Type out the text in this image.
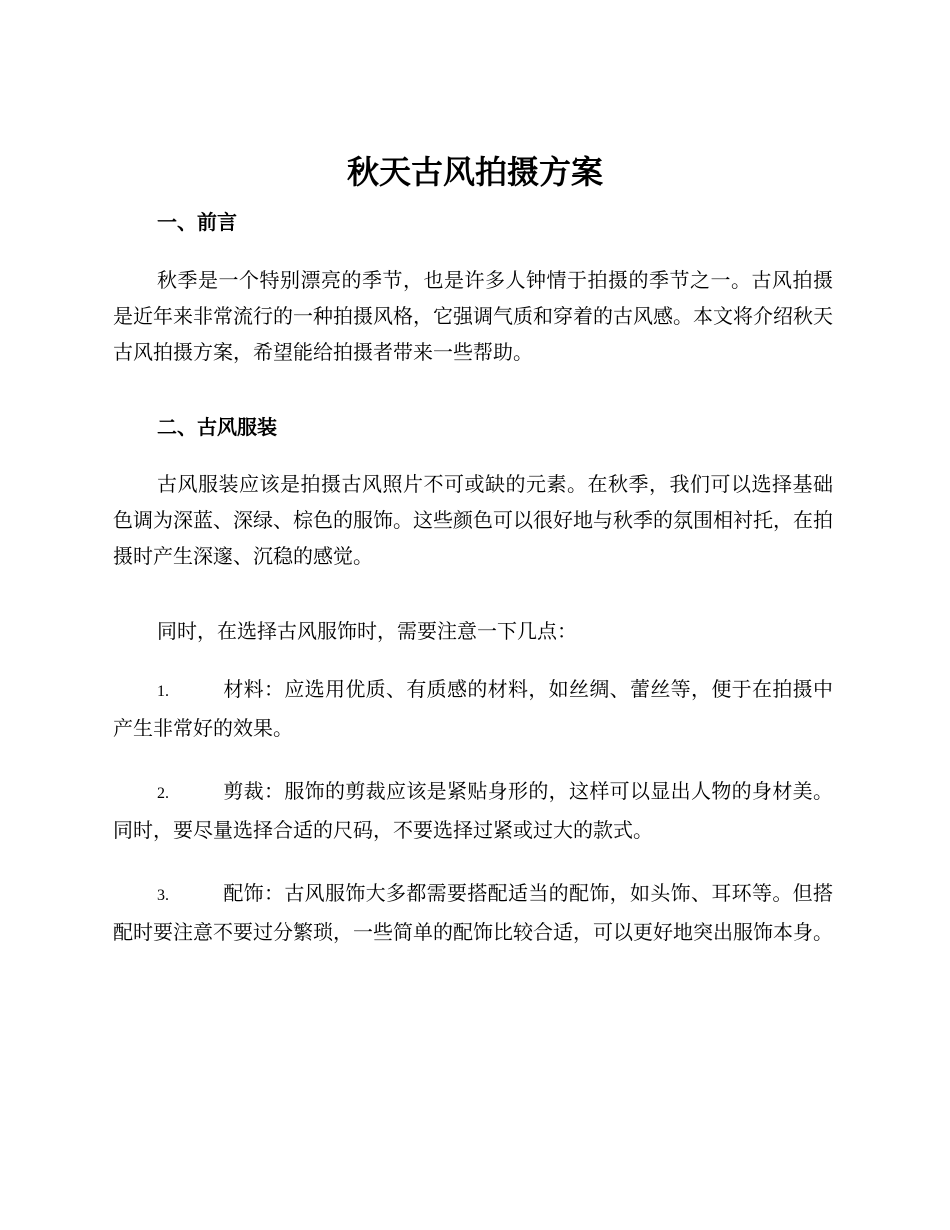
秋天古风拍摄方案
一、前言

秋季是一个特别漂亮的季节，也是许多人钟情于拍摄的季节之一。古风拍摄是近年来非常流行的一种拍摄风格，它强调气质和穿着的古风感。本文将介绍秋天古风拍摄方案，希望能给拍摄者带来一些帮助。

二、古风服装

古风服装应该是拍摄古风照片不可或缺的元素。在秋季，我们可以选择基础色调为深蓝、深绿、棕色的服饰。这些颜色可以很好地与秋季的氛围相衬托，在拍摄时产生深邃、沉稳的感觉。

同时，在选择古风服饰时，需要注意一下几点：

1.	材料：应选用优质、有质感的材料，如丝绸、蕾丝等，便于在拍摄中产生非常好的效果。
2.	剪裁：服饰的剪裁应该是紧贴身形的，这样可以显出人物的身材美。同时，要尽量选择合适的尺码，不要选择过紧或过大的款式。
3.	配饰：古风服饰大多都需要搭配适当的配饰，如头饰、耳环等。但搭配时要注意不要过分繁琐，一些简单的配饰比较合适，可以更好地突出服饰本身。
